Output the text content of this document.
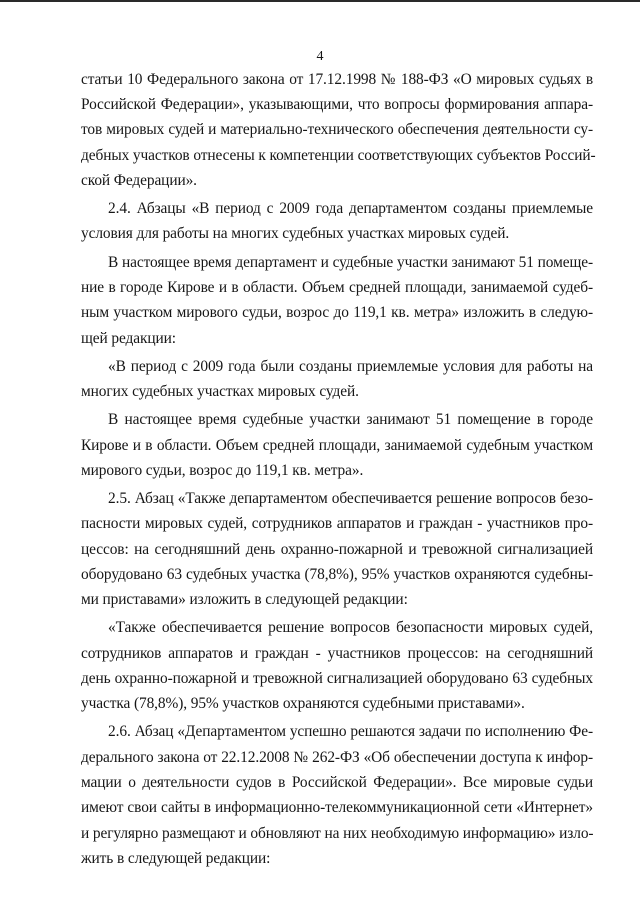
4
статьи 10 Федерального закона от 17.12.1998 № 188-ФЗ «О мировых судьях в
Российской Федерации», указывающими, что вопросы формирования аппара-
тов мировых судей и материально-технического обеспечения деятельности су-
дебных участков отнесены к компетенции соответствующих субъектов Россий-
ской Федерации».
2.4. Абзацы «В период с 2009 года департаментом созданы приемлемые
условия для работы на многих судебных участках мировых судей.
В настоящее время департамент и судебные участки занимают 51 помеще-
ние в городе Кирове и в области. Объем средней площади, занимаемой судеб-
ным участком мирового судьи, возрос до 119,1 кв. метра» изложить в следую-
щей редакции:
«В период с 2009 года были созданы приемлемые условия для работы на
многих судебных участках мировых судей.
В настоящее время судебные участки занимают 51 помещение в городе
Кирове и в области. Объем средней площади, занимаемой судебным участком
мирового судьи, возрос до 119,1 кв. метра».
2.5. Абзац «Также департаментом обеспечивается решение вопросов безо-
пасности мировых судей, сотрудников аппаратов и граждан - участников про-
цессов: на сегодняшний день охранно-пожарной и тревожной сигнализацией
оборудовано 63 судебных участка (78,8%), 95% участков охраняются судебны-
ми приставами» изложить в следующей редакции:
«Также обеспечивается решение вопросов безопасности мировых судей,
сотрудников аппаратов и граждан - участников процессов: на сегодняшний
день охранно-пожарной и тревожной сигнализацией оборудовано 63 судебных
участка (78,8%), 95% участков охраняются судебными приставами».
2.6. Абзац «Департаментом успешно решаются задачи по исполнению Фе-
дерального закона от 22.12.2008 № 262-ФЗ «Об обеспечении доступа к инфор-
мации о деятельности судов в Российской Федерации». Все мировые судьи
имеют свои сайты в информационно-телекоммуникационной сети «Интернет»
и регулярно размещают и обновляют на них необходимую информацию» изло-
жить в следующей редакции:
